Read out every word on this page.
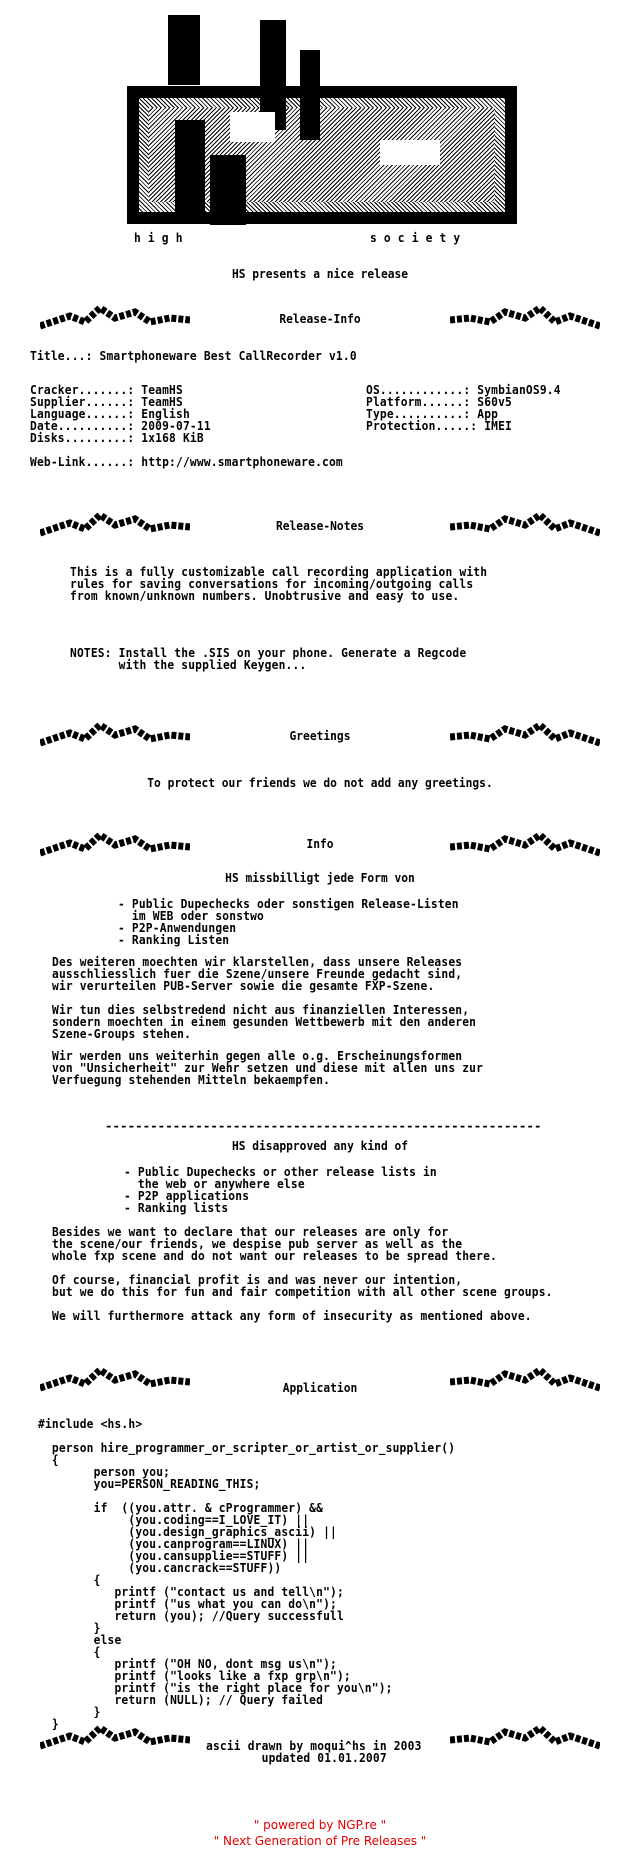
h i g h	s o c i e t y
HS presents a nice release
Release-Info
Title...: Smartphoneware Best CallRecorder v1.0
Cracker.......: TeamHS
Supplier......: TeamHS
Language......: English
Date..........: 2009-07-11
Disks.........: 1x168 KiB
OS............: SymbianOS9.4
Platform......: S60v5
Type..........: App
Protection.....: IMEI
Web-Link......: http://www.smartphoneware.com
Release-Notes
This is a fully customizable call recording application with
rules for saving conversations for incoming/outgoing calls
from known/unknown numbers. Unobtrusive and easy to use.
NOTES: Install the .SIS on your phone. Generate a Regcode
with the supplied Keygen...
Greetings
To protect our friends we do not add any greetings.
Info
HS missbilligt jede Form von
- Public Dupechecks oder sonstigen Release-Listen
im WEB oder sonstwo
- P2P-Anwendungen
- Ranking Listen
Des weiteren moechten wir klarstellen, dass unsere Releases
ausschliesslich fuer die Szene/unsere Freunde gedacht sind,
wir verurteilen PUB-Server sowie die gesamte FXP-Szene.
Wir tun dies selbstredend nicht aus finanziellen Interessen,
sondern moechten in einem gesunden Wettbewerb mit den anderen
Szene-Groups stehen.
Wir werden uns weiterhin gegen alle o.g. Erscheinungsformen
von "Unsicherheit" zur Wehr setzen und diese mit allen uns zur
Verfuegung stehenden Mitteln bekaempfen.
----------------------------------------------------------
HS disapproved any kind of
- Public Dupechecks or other release lists in
the web or anywhere else
- P2P applications
- Ranking lists
Besides we want to declare that our releases are only for
the scene/our friends, we despise pub server as well as the
whole fxp scene and do not want our releases to be spread there.
Of course, financial profit is and was never our intention,
but we do this for fun and fair competition with all other scene groups.
We will furthermore attack any form of insecurity as mentioned above.
Application
#include <hs.h>

person hire_programmer_or_scripter_or_artist_or_supplier()
{
person you;
you=PERSON_READING_THIS;

if  ((you.attr. & cProgrammer) &&
(you.coding==I_LOVE_IT) ||
(you.design_graphics_ascii) ||
(you.canprogram==LINUX) ||
(you.cansupplie==STUFF) ||
(you.cancrack==STUFF))
{
printf ("contact us and tell\n");
printf ("us what you can do\n");
return (you); //Query successfull
}
else
{
printf ("OH NO, dont msg us\n");
printf ("looks like a fxp grp\n");
printf ("is the right place for you\n");
return (NULL); // Query failed
}
}
ascii drawn by moqui^hs in 2003
updated 01.01.2007
" powered by NGP.re "
" Next Generation of Pre Releases "
